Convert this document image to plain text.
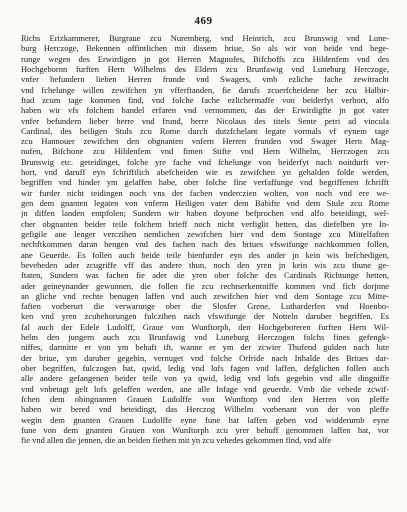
469
Richs Erizkammerer, Burgraue zcu Nuremberg, vnd Heinrich, zcu Brunswig vnd Lune-
burg Herczoge, Bekennen offintlichen mit dissem briue, So als wir von beide vnd bege-
runge wegen des Erwirdigen jn got Herren Magnufes, Bifchoffs zcu Hildenfem vnd des
Hochgebornn furften Hern Wilhelms des Eldern zcu Brunfawig vnd Luneburg Herczoge,
vnfer befundern lieben Herren frunde vnd Swagers, vmb ezliche fache zewitracht
vnd fchelunge willen zewifchen yn vfferftanden, fie darufs zcuerfcheidene her zcu Halbir-
ftad zcum tage kommen find, vnd folche fache ezlichermaffe von beiderfyt verhort, alfo
haben wir vfs folchem handel erfaren vnd vernommen, das der Erwirdigfte jn got vater
vnfer befundern lieber herre vnd frund, herre Nicolaus des titels Sente petri ad vincula
Cardinal, des heiligen Stuls zcu Rome durch dutzfchelant legate vormals vf eynem tage
zcu Hannouer zewifchen den obgnanten vnfern Herren frunden vnd Swager Hern Mag-
nufen, Bifchone zcu Hildenfem vnd fimen Stifte vnd Hern Wilhelm, Herczogen zcu
Brunswig etc. geteidinget, folche yre fache vnd fchelunge von beiderfyt nach noitdurft ver-
hort, vnd daruff eyn fchrifftlich abefcheiden wie es zewifchen yn gehalden folde werden,
begriffen vnd hinder ym gelaffen habe, ober folche fine verfaffunge vnd begriffenen fchrifft
wir furder nicht teidingen noch vns der fachen vnderczien wolten, von noch vnd ere we-
gen dem gnanten legaten von vnferm Heiligen vater dem Babifte vnd dem Stule zcu Rome
jn diffen landen entpfolen; Sundern wir haben doyone befprochen vnd alfo beteidingt, wel-
cher obgnanten beider teile folchem brieff noch nicht verfiglit hetten, das diefelben yre In-
gefigile ane lenger verczihen nemlichen zewifchen hier vnd dem Sontage zcu Mittelfaften
nechftkommen daran hengen vnd des fachen nach des briues vfswifunge nachkommen follen,
ane Geuerde. Es follen auch beide teile bienfurder eyn des ander jn kein wis befchedigen,
beveheden ader zcugriffe vff das andere thun, noch den yren jn kein wis zcu thune ge-
ftaten, Sundern was fachen fie ader die yren ober folche des Cardinals Richtunge hetten,
ader geineynander gewunnen, die follen fie zcu rechtserkentniffe kommen vnd fich dorjnne
an gliche vnd rechte benugen laffen vnd auch zewifchen hier vnd dem Sontage zcu Mitte-
faften vorberurt die verwarunge ober die Slosfer Grene, Lutharderfen vnd Hoenbo-
ken vnd yren zcubehorungen fulczihen nach vfswifunge der Notteln daruber begriffen. Es
fal auch der Edele Ludolff, Graue von Wunftorph, den Hochgeboreren furften Hern Wil-
helm den jungern auch zcu Brunfawig vnd Luneburg Herczogen folchs fines gefengk-
niffes, darmitte er von ym behaft ift, wanne er ym der zcwier Thufend gulden nach lute
der briue, ym daruber gegebin, vernuget vnd folche Orfride nach Inhalde des Briues dar-
ober begriffen, fulczogen hat, qwid, ledig vnd lofs fagen vnd laffen, defglichen follen auch
alle andere gefangenen beider teile von ya qwid, ledig vnd lofs gegebin vnd alle dingniffe
vnd vnbetagt gelt lofs gelaffen werden, ane alle Infage vnd geuerde. Vmb die vehede zcwif-
fchen dem obingnanten Grauen Ludolffe von Wunftorp vnd den Herren von pleffe
haben wir bered vnd beteidingt, das Herczog Wilhelm vorbenant von der von pleffe
wegin dem gnanten Grauen Ludolffe eyne fune hat laffen geben vnd widderumb eyne
fune von dem gnanten Grauen von Wunftorph zcu yrer behuff genommen laffen hat, vor
fie vnd allen die jennen, die an beiden fiethen mit yn zcu vehedes gekommen find, vnd alfe
